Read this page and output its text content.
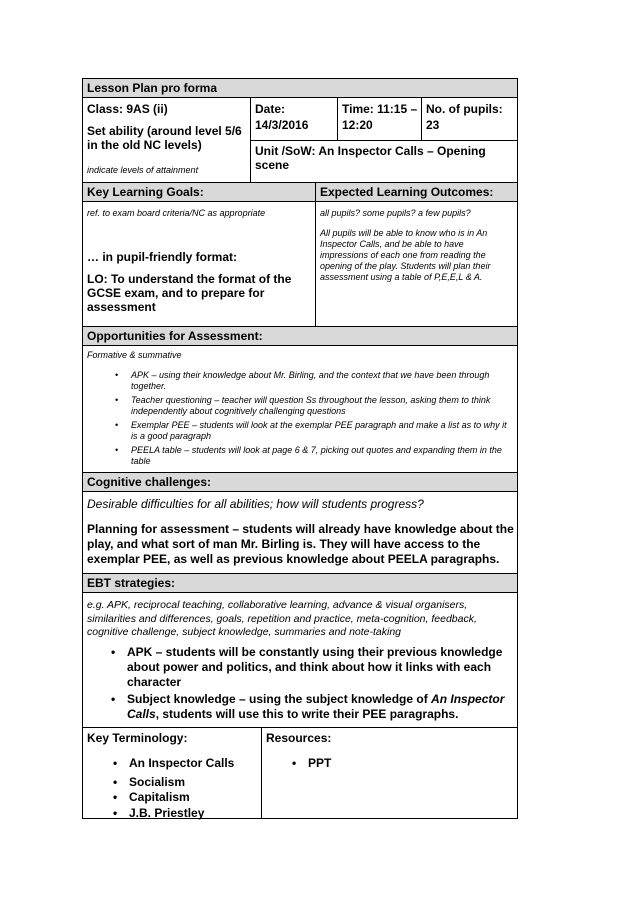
Lesson Plan pro forma
Class: 9AS (ii)
Set ability (around level 5/6 in the old NC levels)
indicate levels of attainment
Date:
14/3/2016
Time: 11:15 –
12:20
No. of pupils:
23
Unit /SoW: An Inspector Calls – Opening scene
Key Learning Goals:	Expected Learning Outcomes:
ref. to exam board criteria/NC as appropriate
… in pupil-friendly format:
LO: To understand the format of the GCSE exam, and to prepare for assessment
all pupils? some pupils? a few pupils?
All pupils will be able to know who is in An Inspector Calls, and be able to have impressions of each one from reading the opening of the play. Students will plan their assessment using a table of P,E,E,L & A.
Opportunities for Assessment:
Formative & summative
• APK – using their knowledge about Mr. Birling, and the context that we have been through together.
• Teacher questioning – teacher will question Ss throughout the lesson, asking them to think independently about cognitively challenging questions
• Exemplar PEE – students will look at the exemplar PEE paragraph and make a list as to why it is a good paragraph
• PEELA table – students will look at page 6 & 7, picking out quotes and expanding them in the table
Cognitive challenges:
Desirable difficulties for all abilities; how will students progress?
Planning for assessment – students will already have knowledge about the play, and what sort of man Mr. Birling is. They will have access to the exemplar PEE, as well as previous knowledge about PEELA paragraphs.
EBT strategies:
e.g. APK, reciprocal teaching, collaborative learning, advance & visual organisers, similarities and differences, goals, repetition and practice, meta-cognition, feedback, cognitive challenge, subject knowledge, summaries and note-taking
• APK – students will be constantly using their previous knowledge about power and politics, and think about how it links with each character
• Subject knowledge – using the subject knowledge of An Inspector Calls, students will use this to write their PEE paragraphs.
Key Terminology:
• An Inspector Calls
• Socialism
• Capitalism
• J.B. Priestley
Resources:
• PPT
